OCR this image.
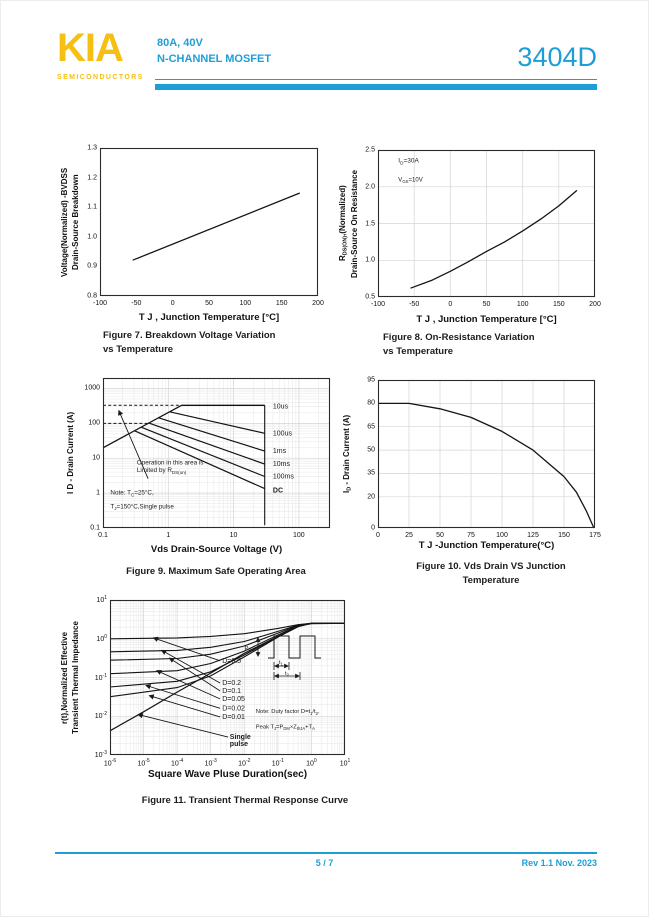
KIA
SEMICONDUCTORS
80A, 40V
N-CHANNEL MOSFET	3404D
Voltage(Normalized) -BVDSS Drain-Source Breakdown
-100	-50	0	50	100	150	200
0.8
0.9
1.0
1.1
1.2
1.3
T J , Junction Temperature [°C]
Figure 7. Breakdown Voltage Variation
vs Temperature
$R_{DS(ON)},(Normalized)$ Drain-Source On Resistance
$I_D=30A$
$V_{GS}=10V$
-100	-50	0	50	100	150	200
0.5
1.0
1.5
2.0
2.5
T J , Junction Temperature [°C]
Figure 8. On-Resistance Variation
vs Temperature
I D - Drain Current (A)
10us
100us
1ms
10ms
100ms
DC
Operation in this area is
Limited by $R_{DS(on)}$
Note: $T_C=25^\circ C$,
$T_J=150^\circ C,Single$ pulse
0.1	1	10	100
0.1
1
10
100
1000
Vds Drain-Source Voltage (V)
Figure 9. Maximum Safe Operating Area
$I_D$ - Drain Current (A)
0	25	50	75	100	125	150	175
0
20
35
50
65
80
95
T J -Junction Temperature(°C)
Figure 10. Vds Drain VS Junction
Temperature
r(t),Normalized Effective Transient Thermal Impedance	D=0.5
D=0.2
D=0.1
D=0.05
D=0.02
D=0.01
Single
pulse
Note: Duty factor $D=t_1/t_2$,
Peak $T_J=P_{DM}\times Z_{thJA}+T_A$
$P_{DM}$
$t_1$
$t_2$
$10^{-6}$	$10^{-5}$	$10^{-4}$	$10^{-3}$	$10^{-2}$	$10^{-1}$	$10^0$	$10^1$
$10^1$
$10^0$
$10^{-1}$
$10^{-2}$
$10^{-3}$
Square Wave Pluse Duration(sec)
Figure 11. Transient Thermal Response Curve
5 / 7	Rev 1.1 Nov. 2023
